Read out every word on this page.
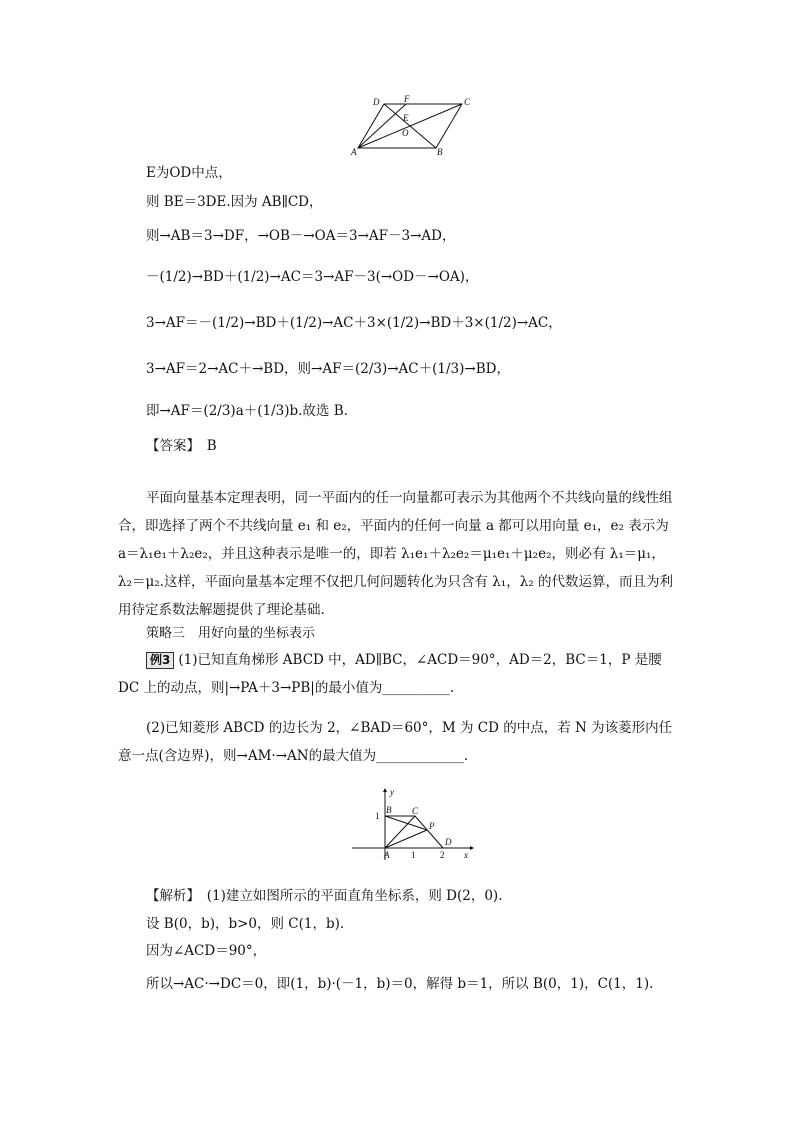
D	F	C
E
O
A	B
E为OD中点，
则 BE＝3DE.因为 AB∥CD，
则→AB＝3→DF，→OB－→OA＝3→AF－3→AD，
－(1/2)→BD＋(1/2)→AC＝3→AF－3(→OD－→OA)，
3→AF＝－(1/2)→BD＋(1/2)→AC＋3×(1/2)→BD＋3×(1/2)→AC，
3→AF＝2→AC＋→BD，则→AF＝(2/3)→AC＋(1/3)→BD，
即→AF＝(2/3)a＋(1/3)b.故选 B.
【答案】　B
平面向量基本定理表明，同一平面内的任一向量都可表示为其他两个不共线向量的线性组合，即选择了两个不共线向量 e₁ 和 e₂，平面内的任何一向量 a 都可以用向量 e₁，e₂ 表示为 a＝λ₁e₁＋λ₂e₂，并且这种表示是唯一的，即若 λ₁e₁＋λ₂e₂＝μ₁e₁＋μ₂e₂，则必有 λ₁＝μ₁，λ₂＝μ₂.这样，平面向量基本定理不仅把几何问题转化为只含有 λ₁，λ₂ 的代数运算，而且为利用待定系数法解题提供了理论基础.
策略三　用好向量的坐标表示
例3 (1)已知直角梯形 ABCD 中，AD∥BC，∠ACD＝90°，AD＝2，BC＝1，P 是腰 DC 上的动点，则|→PA＋3→PB|的最小值为__________.
(2)已知菱形 ABCD 的边长为 2，∠BAD＝60°，M 为 CD 的中点，若 N 为该菱形内任意一点(含边界)，则→AM·→AN的最大值为_____________.
y
x
B C
P
D
A 1	2
1
【解析】　(1)建立如图所示的平面直角坐标系，则 D(2，0).
设 B(0，b)，b>0，则 C(1，b).
因为∠ACD＝90°，
所以→AC·→DC＝0，即(1，b)·(－1，b)＝0，解得 b＝1，所以 B(0，1)，C(1，1).
